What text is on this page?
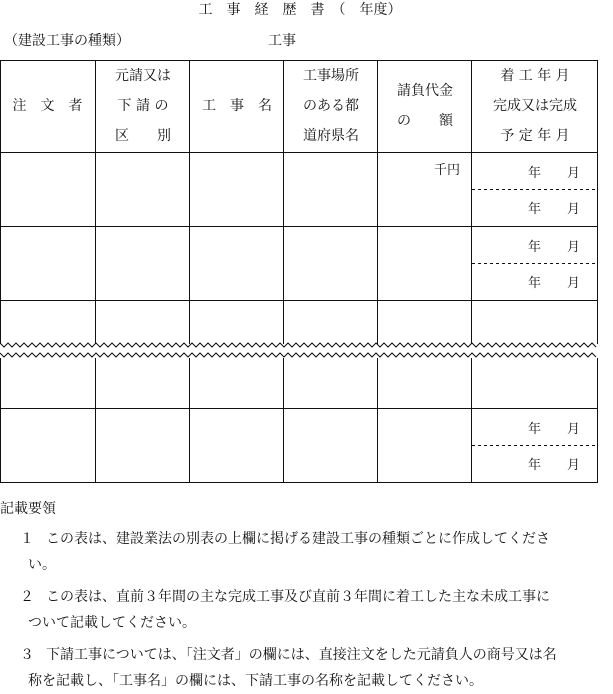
工　事　経　歴　書　（　年度）
（建設工事の種類）	工事
注　文　者
元請又は
下 請 の
区　　別
工　事　名
工事場所
のある都
道府県名
請負代金
の　　額
着 工 年 月
完成又は完成
予 定 年 月
千円	年　　月
年　　月
年　　月
年　　月
年　　月
年　　月
記載要領
１ この表は、建設業法の別表の上欄に掲げる建設工事の種類ごとに作成してくださ
い。
２ この表は、直前３年間の主な完成工事及び直前３年間に着工した主な未成工事に
ついて記載してください。
３ 下請工事については、「注文者」の欄には、直接注文をした元請負人の商号又は名
称を記載し、「工事名」の欄には、下請工事の名称を記載してください。
